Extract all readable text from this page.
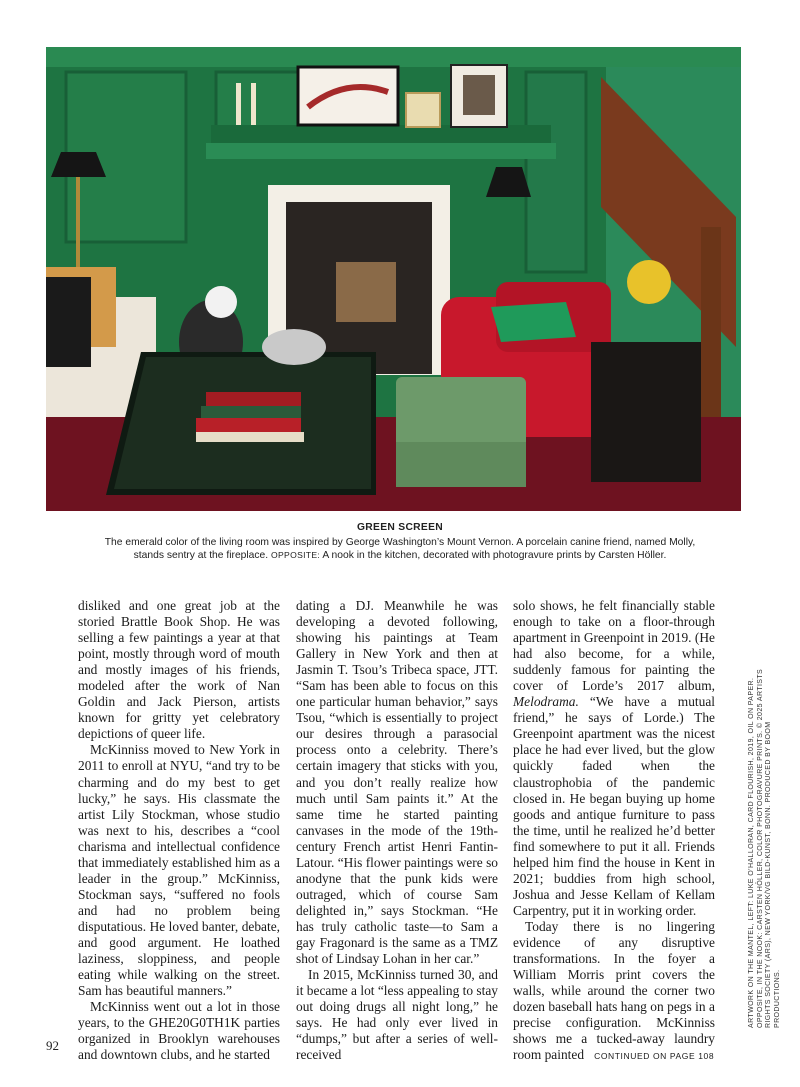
GREEN SCREEN
The emerald color of the living room was inspired by George Washington’s Mount Vernon. A porcelain canine friend, named Molly,
stands sentry at the fireplace. OPPOSITE: A nook in the kitchen, decorated with photogravure prints by Carsten Höller.

disliked and one great job at the storied Brattle Book Shop. He was selling a few paintings a year at that point, mostly through word of mouth and mostly images of his friends, modeled after the work of Nan Goldin and Jack Pierson, artists known for gritty yet celebratory depictions of queer life.

McKinniss moved to New York in 2011 to enroll at NYU, “and try to be charming and do my best to get lucky,” he says. His classmate the artist Lily Stockman, whose studio was next to his, describes a “cool charisma and intellectual confidence that immediately established him as a leader in the group.” McKinniss, Stockman says, “suffered no fools and had no problem being disputatious. He loved banter, debate, and good argument. He loathed laziness, sloppiness, and people eating while walking on the street. Sam has beautiful manners.”

McKinniss went out a lot in those years, to the GHE20G0TH1K parties organized in Brooklyn warehouses and downtown clubs, and he started

dating a DJ. Meanwhile he was developing a devoted following, showing his paintings at Team Gallery in New York and then at Jasmin T. Tsou’s Tribeca space, JTT. “Sam has been able to focus on this one particular human behavior,” says Tsou, “which is essentially to project our desires through a parasocial process onto a celebrity. There’s certain imagery that sticks with you, and you don’t really realize how much until Sam paints it.” At the same time he started painting canvases in the mode of the 19th-century French artist Henri Fantin-Latour. “His flower paintings were so anodyne that the punk kids were outraged, which of course Sam delighted in,” says Stockman. “He has truly catholic taste—to Sam a gay Fragonard is the same as a TMZ shot of Lindsay Lohan in her car.”

In 2015, McKinniss turned 30, and it became a lot “less appealing to stay out doing drugs all night long,” he says. He had only ever lived in “dumps,” but after a series of well-received

solo shows, he felt financially stable enough to take on a floor-through apartment in Greenpoint in 2019. (He had also become, for a while, suddenly famous for painting the cover of Lorde’s 2017 album, Melodrama. “We have a mutual friend,” he says of Lorde.) The Greenpoint apartment was the nicest place he had ever lived, but the glow quickly faded when the claustrophobia of the pandemic closed in. He began buying up home goods and antique furniture to pass the time, until he realized he’d better find somewhere to put it all. Friends helped him find the house in Kent in 2021; buddies from high school, Joshua and Jesse Kellam of Kellam Carpentry, put it in working order.

Today there is no lingering evidence of any disruptive transformations. In the foyer a William Morris print covers the walls, while around the corner two dozen baseball hats hang on pegs in a precise configuration. McKinniss shows me a tucked-away laundry room painted CONTINUED ON PAGE 108

ARTWORK ON THE MANTEL, LEFT: LUKE O’HALLORAN, CARD FLOURISH, 2019, OIL ON PAPER. OPPOSITE, IN THE NOOK: CARSTEN HÖLLER, COLOR PHOTOGRAVURE PRINTS. © 2025 ARTISTS RIGHTS SOCIETY (ARS), NEW YORK/VG BILD-KUNST, BONN. PRODUCED BY BOOM PRODUCTIONS.
92
